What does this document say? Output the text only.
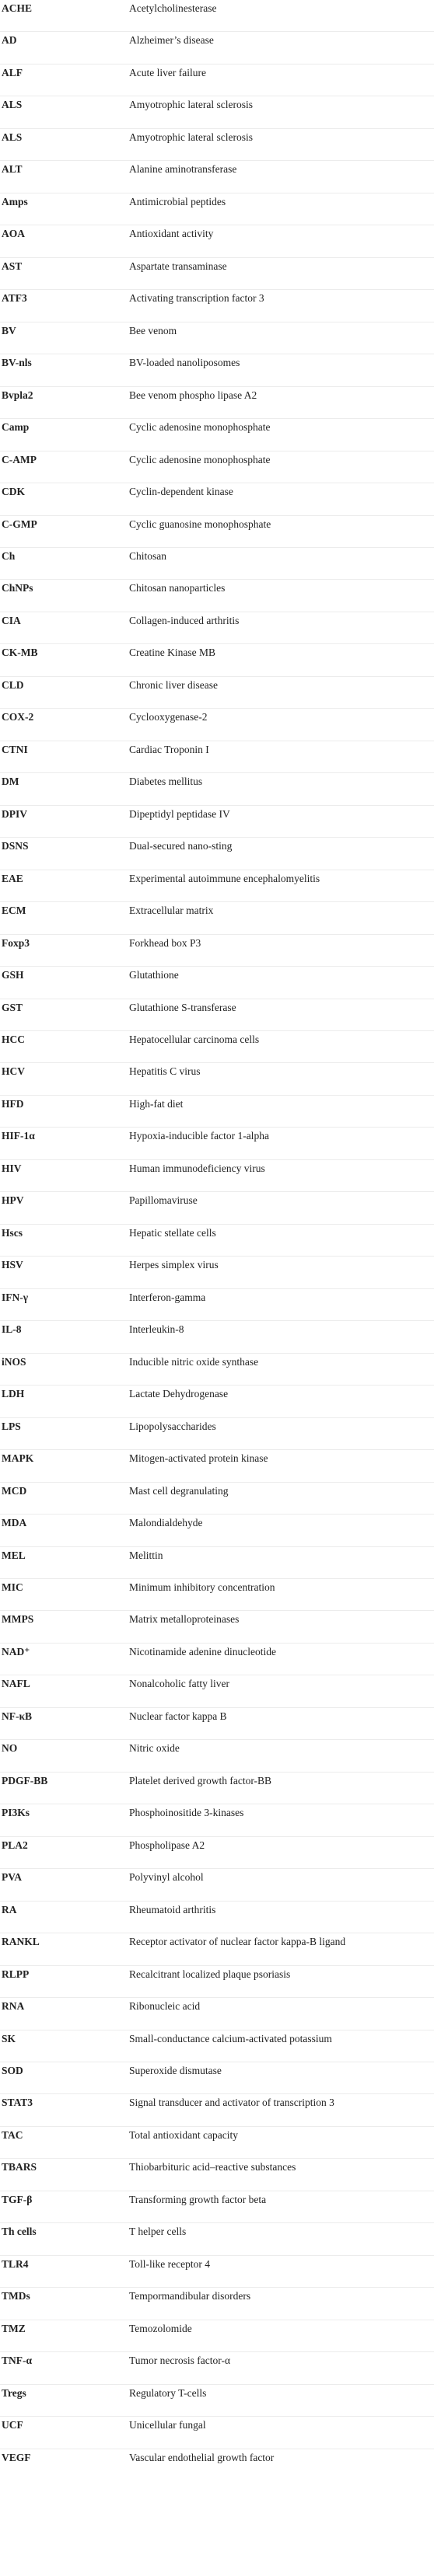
ACHE	Acetylcholinesterase
AD	Alzheimer’s disease
ALF	Acute liver failure
ALS	Amyotrophic lateral sclerosis
ALS	Amyotrophic lateral sclerosis
ALT	Alanine aminotransferase
Amps	Antimicrobial peptides
AOA	Antioxidant activity
AST	Aspartate transaminase
ATF3	Activating transcription factor 3
BV	Bee venom
BV-nls	BV-loaded nanoliposomes
Bvpla2	Bee venom phospho lipase A2
Camp	Cyclic adenosine monophosphate
C-AMP	Cyclic adenosine monophosphate
CDK	Cyclin-dependent kinase
C-GMP	Cyclic guanosine monophosphate
Ch	Chitosan
ChNPs	Chitosan nanoparticles
CIA	Collagen-induced arthritis
CK-MB	Creatine Kinase MB
CLD	Chronic liver disease
COX-2	Cyclooxygenase-2
CTNI	Cardiac Troponin I
DM	Diabetes mellitus
DPIV	Dipeptidyl peptidase IV
DSNS	Dual-secured nano-sting
EAE	Experimental autoimmune encephalomyelitis
ECM	Extracellular matrix
Foxp3	Forkhead box P3
GSH	Glutathione
GST	Glutathione S-transferase
HCC	Hepatocellular carcinoma cells
HCV	Hepatitis C virus
HFD	High-fat diet
HIF-1α	Hypoxia-inducible factor 1-alpha
HIV	Human immunodeficiency virus
HPV	Papillomaviruse
Hscs	Hepatic stellate cells
HSV	Herpes simplex virus
IFN-γ	Interferon-gamma
IL-8	Interleukin-8
iNOS	Inducible nitric oxide synthase
LDH	Lactate Dehydrogenase
LPS	Lipopolysaccharides
MAPK	Mitogen-activated protein kinase
MCD	Mast cell degranulating
MDA	Malondialdehyde
MEL	Melittin
MIC	Minimum inhibitory concentration
MMPS	Matrix metalloproteinases
NAD⁺	Nicotinamide adenine dinucleotide
NAFL	Nonalcoholic fatty liver
NF-κB	Nuclear factor kappa B
NO	Nitric oxide
PDGF-BB	Platelet derived growth factor-BB
PI3Ks	Phosphoinositide 3-kinases
PLA2	Phospholipase A2
PVA	Polyvinyl alcohol
RA	Rheumatoid arthritis
RANKL	Receptor activator of nuclear factor kappa-B ligand
RLPP	Recalcitrant localized plaque psoriasis
RNA	Ribonucleic acid
SK	Small-conductance calcium-activated potassium
SOD	Superoxide dismutase
STAT3	Signal transducer and activator of transcription 3
TAC	Total antioxidant capacity
TBARS	Thiobarbituric acid–reactive substances
TGF-β	Transforming growth factor beta
Th cells	T helper cells
TLR4	Toll-like receptor 4
TMDs	Tempormandibular disorders
TMZ	Temozolomide
TNF-α	Tumor necrosis factor-α
Tregs	Regulatory T-cells
UCF	Unicellular fungal
VEGF	Vascular endothelial growth factor
